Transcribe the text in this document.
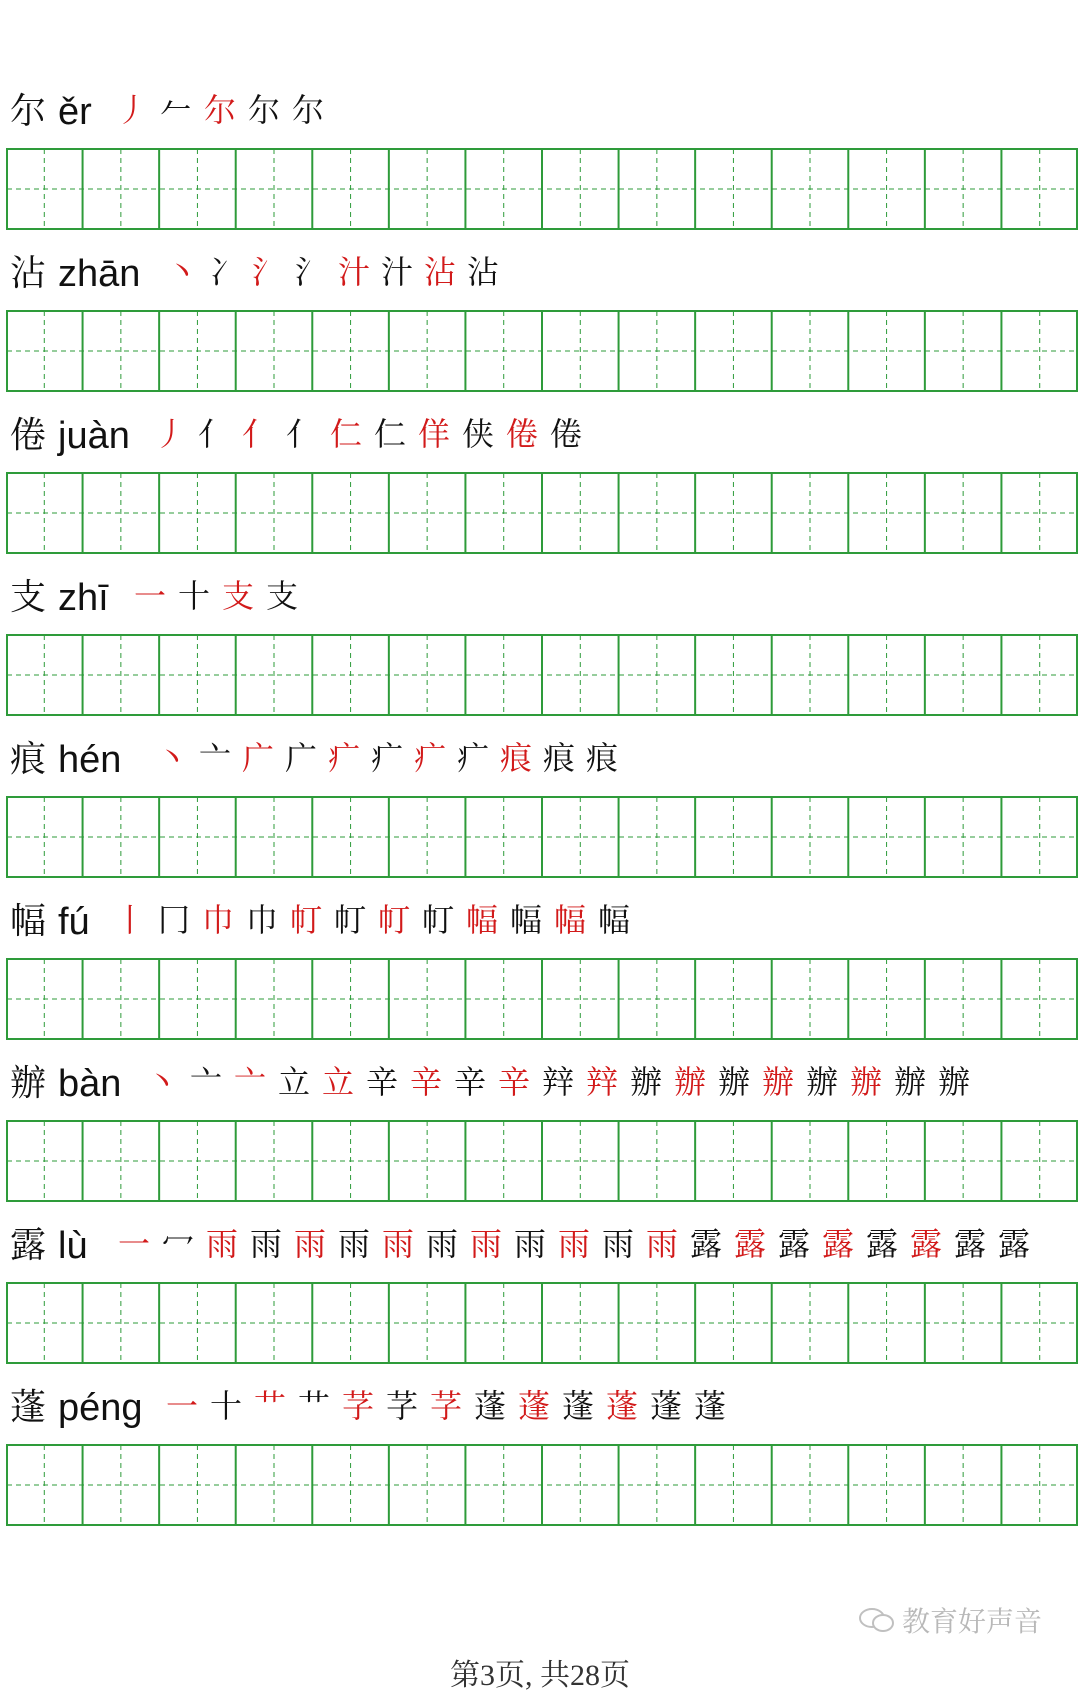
尔 ěr 丿 𠂉 尔 尔 尔
沾 zhān 丶 冫 氵 氵 汁 汁 沾 沾
倦 juàn 丿 亻 亻 亻 仁 仁 佯 侠 倦 倦
支 zhī 一 十 支 支
痕 hén 丶 亠 广 广 疒 疒 疒 疒 痕 痕 痕
幅 fú 丨 冂 巾 巾 帄 帄 帄 帄 幅 幅 幅 幅
辦 bàn 丶 亠 亠 立 立 辛 辛 辛 辛 辡 辡 辦 辦 辦 辦 辦 辦 辦 辦
露 lù 一 冖 雨 雨 雨 雨 雨 雨 雨 雨 雨 雨 雨 露 露 露 露 露 露 露 露
蓬 péng 一 十 艹 艹 芓 芓 芓 蓬 蓬 蓬 蓬 蓬 蓬
教育好声音
第3页, 共28页
